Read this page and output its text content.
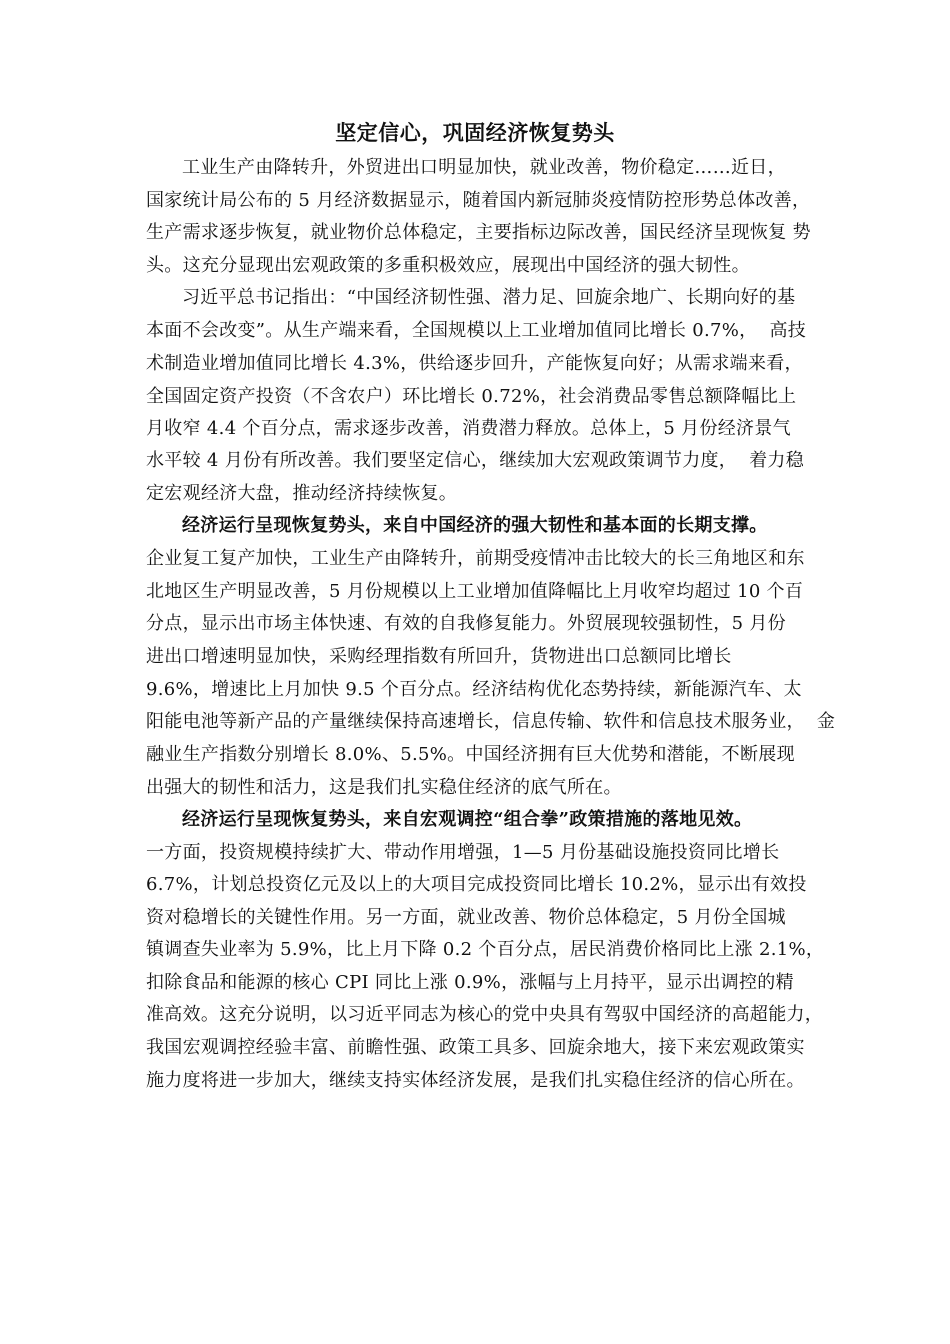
坚定信心，巩固经济恢复势头
工业生产由降转升，外贸进出口明显加快，就业改善，物价稳定……近日，
国家统计局公布的 5 月经济数据显示，随着国内新冠肺炎疫情防控形势总体改善，
生产需求逐步恢复，就业物价总体稳定，主要指标边际改善，国民经济呈现恢复 势
头。这充分显现出宏观政策的多重积极效应，展现出中国经济的强大韧性。
习近平总书记指出：“中国经济韧性强、潜力足、回旋余地广、长期向好的基
本面不会改变”。从生产端来看，全国规模以上工业增加值同比增长 0.7%，  高技
术制造业增加值同比增长 4.3%，供给逐步回升，产能恢复向好；从需求端来看，
全国固定资产投资（不含农户）环比增长 0.72%，社会消费品零售总额降幅比上
月收窄 4.4 个百分点，需求逐步改善，消费潜力释放。总体上，5 月份经济景气
水平较 4 月份有所改善。我们要坚定信心，继续加大宏观政策调节力度，  着力稳
定宏观经济大盘，推动经济持续恢复。
经济运行呈现恢复势头，来自中国经济的强大韧性和基本面的长期支撑。
企业复工复产加快，工业生产由降转升，前期受疫情冲击比较大的长三角地区和东
北地区生产明显改善，5 月份规模以上工业增加值降幅比上月收窄均超过 10 个百
分点，显示出市场主体快速、有效的自我修复能力。外贸展现较强韧性，5 月份
进出口增速明显加快，采购经理指数有所回升，货物进出口总额同比增长
9.6%，增速比上月加快 9.5 个百分点。经济结构优化态势持续，新能源汽车、太
阳能电池等新产品的产量继续保持高速增长，信息传输、软件和信息技术服务业，  金
融业生产指数分别增长 8.0%、5.5%。中国经济拥有巨大优势和潜能，不断展现
出强大的韧性和活力，这是我们扎实稳住经济的底气所在。
经济运行呈现恢复势头，来自宏观调控“组合拳”政策措施的落地见效。
一方面，投资规模持续扩大、带动作用增强，1—5 月份基础设施投资同比增长
6.7%，计划总投资亿元及以上的大项目完成投资同比增长 10.2%，显示出有效投
资对稳增长的关键性作用。另一方面，就业改善、物价总体稳定，5 月份全国城
镇调查失业率为 5.9%，比上月下降 0.2 个百分点，居民消费价格同比上涨 2.1%，
扣除食品和能源的核心 CPI 同比上涨 0.9%，涨幅与上月持平，显示出调控的精
准高效。这充分说明，以习近平同志为核心的党中央具有驾驭中国经济的高超能力，
我国宏观调控经验丰富、前瞻性强、政策工具多、回旋余地大，接下来宏观政策实
施力度将进一步加大，继续支持实体经济发展，是我们扎实稳住经济的信心所在。
